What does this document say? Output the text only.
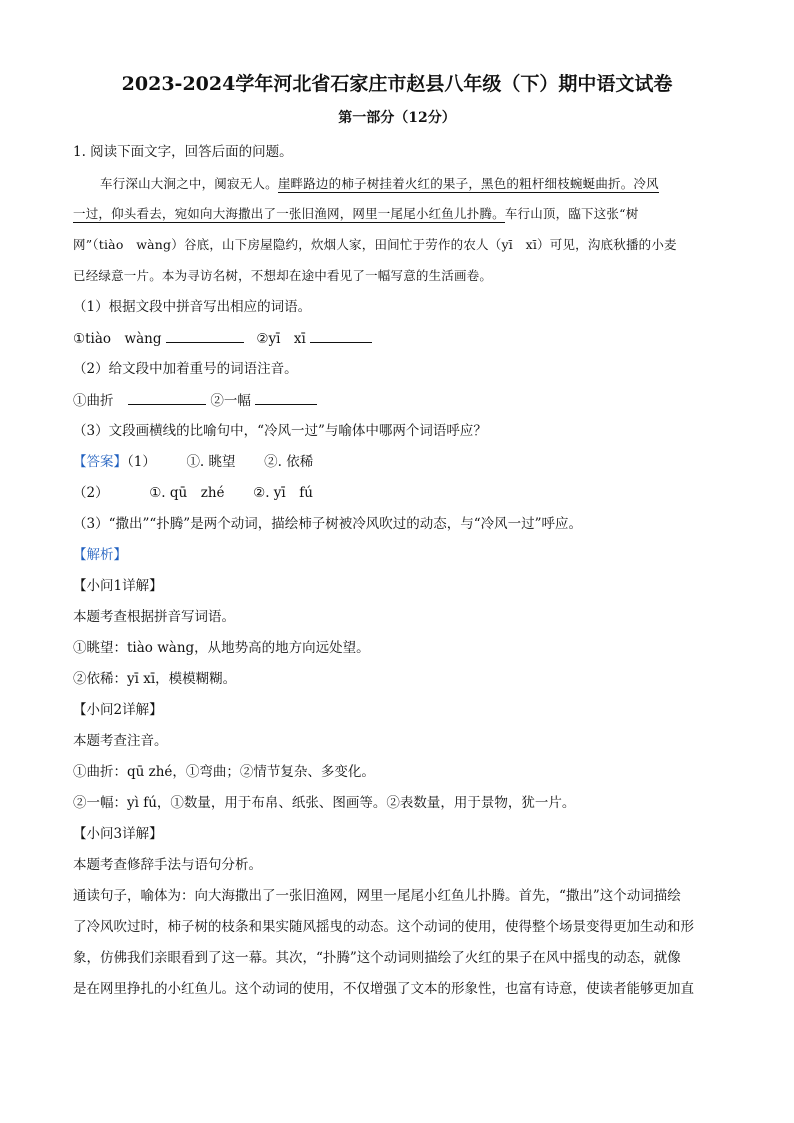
2023-2024学年河北省石家庄市赵县八年级（下）期中语文试卷
第一部分（12分）
1. 阅读下面文字，回答后面的问题。
车行深山大涧之中，阒寂无人。崖畔路边的柿子树挂着火红的果子，黑色的粗杆细枝蜿蜒曲折。冷风
一过，仰头看去，宛如向大海撒出了一张旧渔网，网里一尾尾小红鱼儿扑腾。车行山顶，臨下这张“树
网”（tiào　wàng）谷底，山下房屋隐约，炊烟人家，田间忙于劳作的农人（yī　xī）可见，沟底秋播的小麦
已经绿意一片。本为寻访名树，不想却在途中看见了一幅写意的生活画卷。
（1）根据文段中拼音写出相应的词语。
①tiào　wàng	②yī　xī
（2）给文段中加着重号的词语注音。
①曲折	②一幅
（3）文段画横线的比喻句中，“冷风一过”与喻体中哪两个词语呼应？
【答案】（1） ①. 眺望 ②. 依稀
（2）	①. qū　zhé ②. yī　fú
（3）“撒出”“扑腾”是两个动词，描绘柿子树被冷风吹过的动态，与“冷风一过”呼应。
【解析】
【小问1详解】
本题考查根据拼音写词语。
①眺望：tiào wàng，从地势高的地方向远处望。
②依稀：yī xī，模模糊糊。
【小问2详解】
本题考查注音。
①曲折：qū zhé，①弯曲；②情节复杂、多变化。
②一幅：yì fú，①数量，用于布帛、纸张、图画等。②表数量，用于景物，犹一片。
【小问3详解】
本题考查修辞手法与语句分析。
通读句子，喻体为：向大海撒出了一张旧渔网，网里一尾尾小红鱼儿扑腾。首先，“撒出”这个动词描绘
了冷风吹过时，柿子树的枝条和果实随风摇曳的动态。这个动词的使用，使得整个场景变得更加生动和形
象，仿佛我们亲眼看到了这一幕。其次，“扑腾”这个动词则描绘了火红的果子在风中摇曳的动态，就像
是在网里挣扎的小红鱼儿。这个动词的使用，不仅增强了文本的形象性，也富有诗意，使读者能够更加直
